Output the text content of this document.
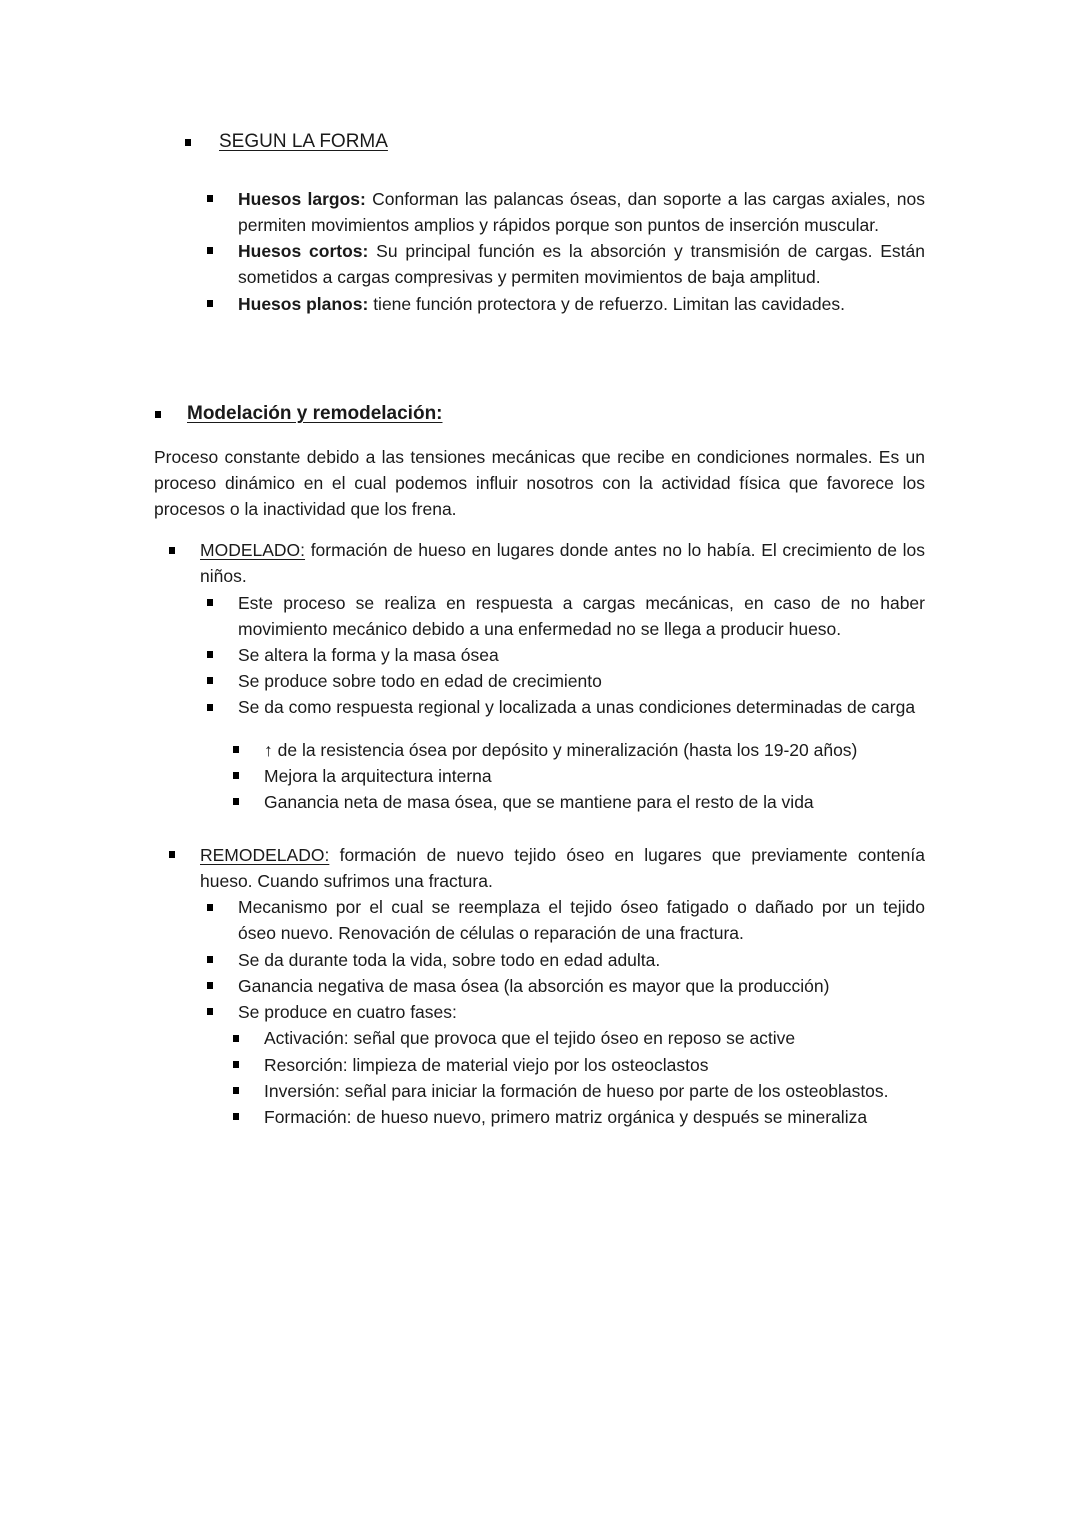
SEGUN LA FORMA
Huesos largos: Conforman las palancas óseas, dan soporte a las cargas axiales, nos
permiten movimientos amplios y rápidos porque son puntos de inserción muscular.
Huesos cortos: Su principal función es la absorción y transmisión de cargas. Están
sometidos a cargas compresivas y permiten movimientos de baja amplitud.
Huesos planos: tiene función protectora y de refuerzo. Limitan las cavidades.
Modelación y remodelación:
Proceso constante debido a las tensiones mecánicas que recibe en condiciones normales. Es un
proceso dinámico en el cual podemos influir nosotros con la actividad física que favorece los
procesos o la inactividad que los frena.
MODELADO: formación de hueso en lugares donde antes no lo había. El crecimiento de los
niños.
Este proceso se realiza en respuesta a cargas mecánicas, en caso de no haber
movimiento mecánico debido a una enfermedad no se llega a producir hueso.
Se altera la forma y la masa ósea
Se produce sobre todo en edad de crecimiento
Se da como respuesta regional y localizada a unas condiciones determinadas de carga
↑ de la resistencia ósea por depósito y mineralización (hasta los 19-20 años)
Mejora la arquitectura interna
Ganancia neta de masa ósea, que se mantiene para el resto de la vida
REMODELADO: formación de nuevo tejido óseo en lugares que previamente contenía
hueso. Cuando sufrimos una fractura.
Mecanismo por el cual se reemplaza el tejido óseo fatigado o dañado por un tejido
óseo nuevo. Renovación de células o reparación de una fractura.
Se da durante toda la vida, sobre todo en edad adulta.
Ganancia negativa de masa ósea (la absorción es mayor que la producción)
Se produce en cuatro fases:
Activación: señal que provoca que el tejido óseo en reposo se active
Resorción: limpieza de material viejo por los osteoclastos
Inversión: señal para iniciar la formación de hueso por parte de los osteoblastos.
Formación: de hueso nuevo, primero matriz orgánica y después se mineraliza
